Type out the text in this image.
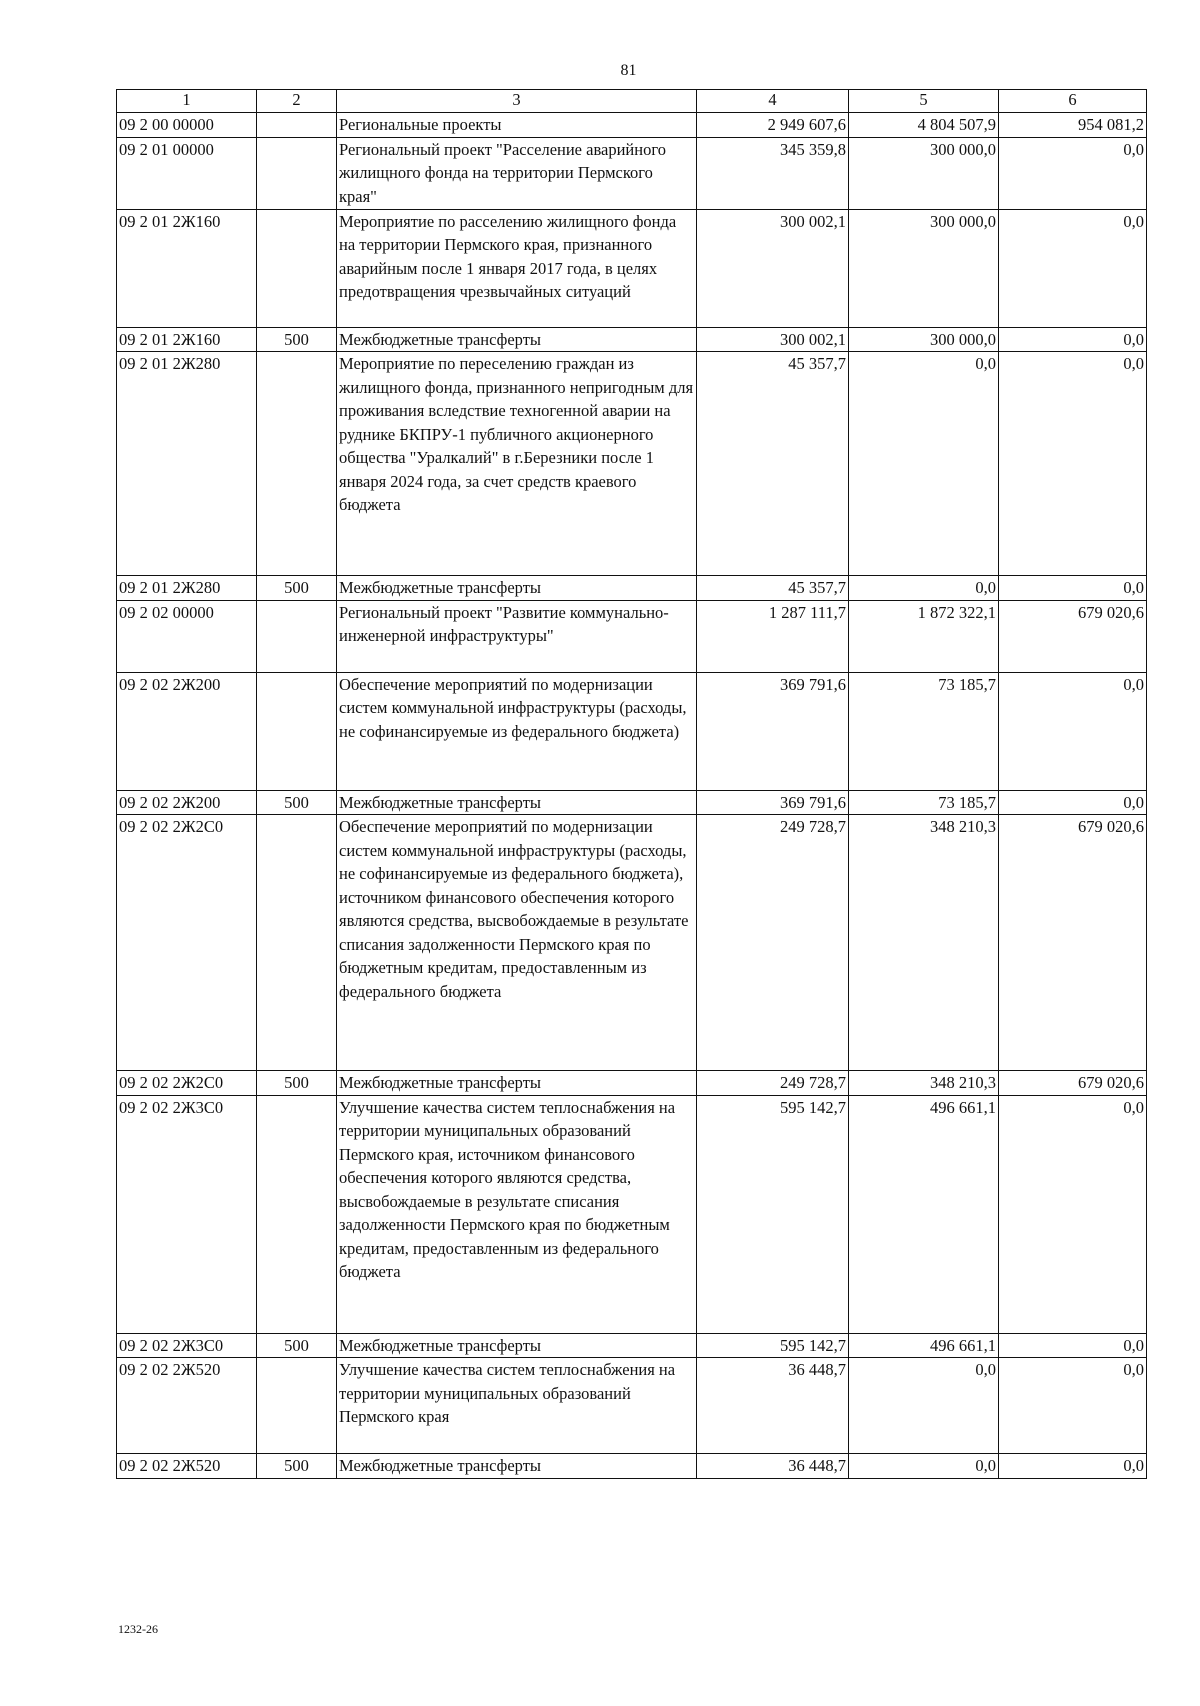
81
1	2	3	4	5	6
09 2 00 00000		Региональные проекты	2 949 607,6	4 804 507,9	954 081,2
09 2 01 00000		Региональный проект "Расселение аварийного жилищного фонда на территории Пермского края"	345 359,8	300 000,0	0,0
09 2 01 2Ж160		Мероприятие по расселению жилищного фонда на территории Пермского края, признанного аварийным после 1 января 2017 года, в целях предотвращения чрезвычайных ситуаций	300 002,1	300 000,0	0,0
09 2 01 2Ж160	500	Межбюджетные трансферты	300 002,1	300 000,0	0,0
09 2 01 2Ж280		Мероприятие по переселению граждан из жилищного фонда, признанного непригодным для проживания вследствие техногенной аварии на руднике БКПРУ-1 публичного акционерного общества "Уралкалий" в г.Березники после 1 января 2024 года, за счет средств краевого бюджета	45 357,7	0,0	0,0
09 2 01 2Ж280	500	Межбюджетные трансферты	45 357,7	0,0	0,0
09 2 02 00000		Региональный проект "Развитие коммунально-инженерной инфраструктуры"	1 287 111,7	1 872 322,1	679 020,6
09 2 02 2Ж200		Обеспечение мероприятий по модернизации систем коммунальной инфраструктуры (расходы, не софинансируемые из федерального бюджета)	369 791,6	73 185,7	0,0
09 2 02 2Ж200	500	Межбюджетные трансферты	369 791,6	73 185,7	0,0
09 2 02 2Ж2С0		Обеспечение мероприятий по модернизации систем коммунальной инфраструктуры (расходы, не софинансируемые из федерального бюджета), источником финансового обеспечения которого являются средства, высвобождаемые в результате списания задолженности Пермского края по бюджетным кредитам, предоставленным из федерального бюджета	249 728,7	348 210,3	679 020,6
09 2 02 2Ж2С0	500	Межбюджетные трансферты	249 728,7	348 210,3	679 020,6
09 2 02 2Ж3С0		Улучшение качества систем теплоснабжения на территории муниципальных образований Пермского края, источником финансового обеспечения которого являются средства, высвобождаемые в результате списания задолженности Пермского края по бюджетным кредитам, предоставленным из федерального бюджета	595 142,7	496 661,1	0,0
09 2 02 2Ж3С0	500	Межбюджетные трансферты	595 142,7	496 661,1	0,0
09 2 02 2Ж520		Улучшение качества систем теплоснабжения на территории муниципальных образований Пермского края	36 448,7	0,0	0,0
09 2 02 2Ж520	500	Межбюджетные трансферты	36 448,7	0,0	0,0
1232-26
